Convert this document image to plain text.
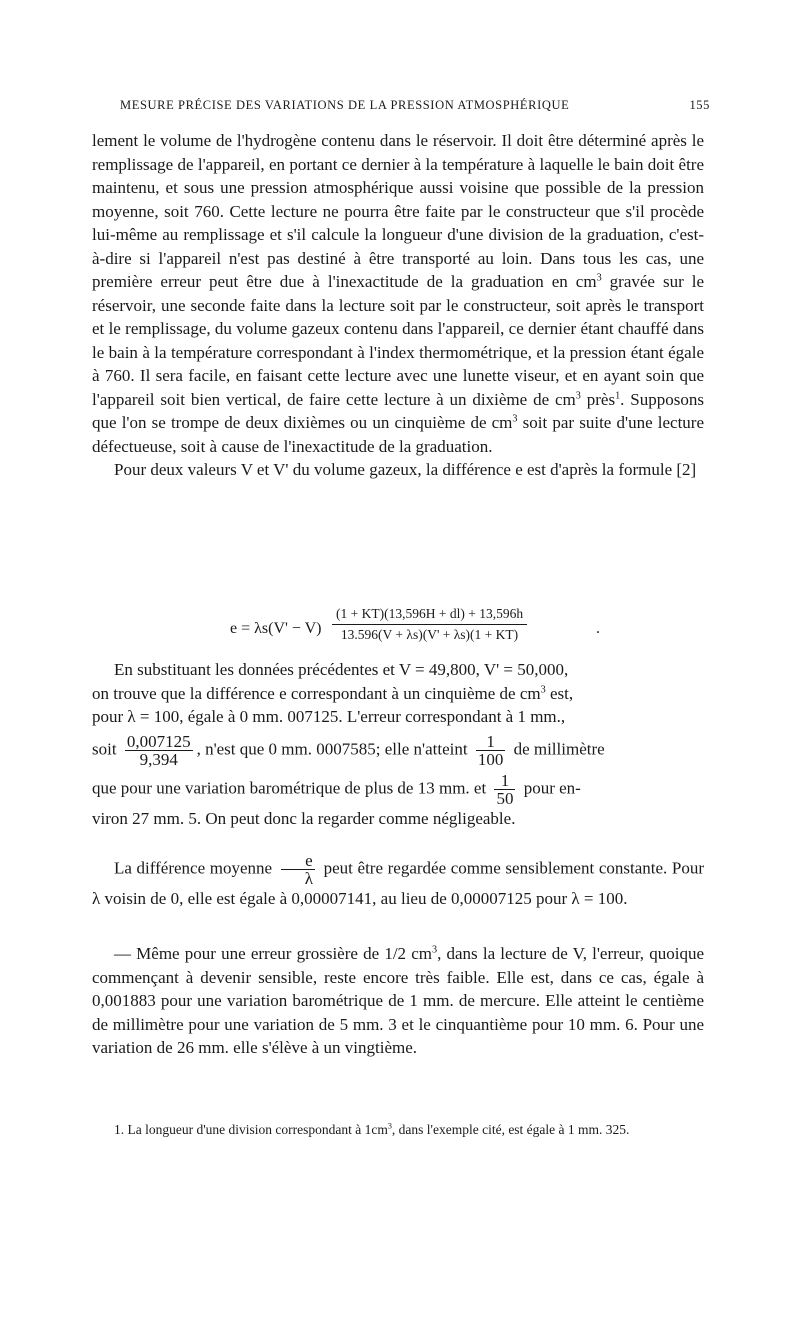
MESURE PRÉCISE DES VARIATIONS DE LA PRESSION ATMOSPHÉRIQUE	155
lement le volume de l'hydrogène contenu dans le réservoir. Il doit être déterminé après le remplissage de l'appareil, en portant ce dernier à la température à laquelle le bain doit être maintenu, et sous une pression atmosphérique aussi voisine que possible de la pression moyenne, soit 760. Cette lecture ne pourra être faite par le constructeur que s'il procède lui-même au remplissage et s'il calcule la longueur d'une division de la graduation, c'est-à-dire si l'appareil n'est pas destiné à être transporté au loin. Dans tous les cas, une première erreur peut être due à l'inexactitude de la graduation en $cm^3$ gravée sur le réservoir, une seconde faite dans la lecture soit par le constructeur, soit après le transport et le remplissage, du volume gazeux contenu dans l'appareil, ce dernier étant chauffé dans le bain à la température correspondant à l'index thermométrique, et la pression étant égale à 760. Il sera facile, en faisant cette lecture avec une lunette viseur, et en ayant soin que l'appareil soit bien vertical, de faire cette lecture à un dixième de $cm^3$ près$^1$. Supposons que l'on se trompe de deux dixièmes ou un cinquième de $cm^3$ soit par suite d'une lecture défectueuse, soit à cause de l'inexactitude de la graduation.
Pour deux valeurs V et V' du volume gazeux, la différence e est d'après la formule [2]
$e = \lambda s(V' - V) \frac{(1 + KT)(13,596H + dl) + 13,596h}{13.596(V + \lambda s)(V' + \lambda s)(1 + KT)}$	.
En substituant les données précédentes et V = 49,800, V' = 50,000,
on trouve que la différence e correspondant à un cinquième de $cm^3$ est,
pour λ = 100, égale à 0 mm. 007125. L'erreur correspondant à 1 mm.,
soit $\frac{0,007125}{9,394}$ , n'est que 0 mm. 0007585; elle n'atteint $\frac{1}{100}$ de millimètre
que pour une variation barométrique de plus de 13 mm. et $\frac{1}{50}$ pour en-
viron 27 mm. 5. On peut donc la regarder comme négligeable.
La différence moyenne $\frac{e}{\lambda}$ peut être regardée comme sensiblement constante. Pour λ voisin de 0, elle est égale à 0,00007141, au lieu de 0,00007125 pour λ = 100.
— Même pour une erreur grossière de 1/2 $cm^3$, dans la lecture de V, l'erreur, quoique commençant à devenir sensible, reste encore très faible. Elle est, dans ce cas, égale à 0,001883 pour une variation barométrique de 1 mm. de mercure. Elle atteint le centième de millimètre pour une variation de 5 mm. 3 et le cinquantième pour 10 mm. 6. Pour une variation de 26 mm. elle s'élève à un vingtième.
1. La longueur d'une division correspondant à $1cm^3$, dans l'exemple cité, est égale à 1 mm. 325.
